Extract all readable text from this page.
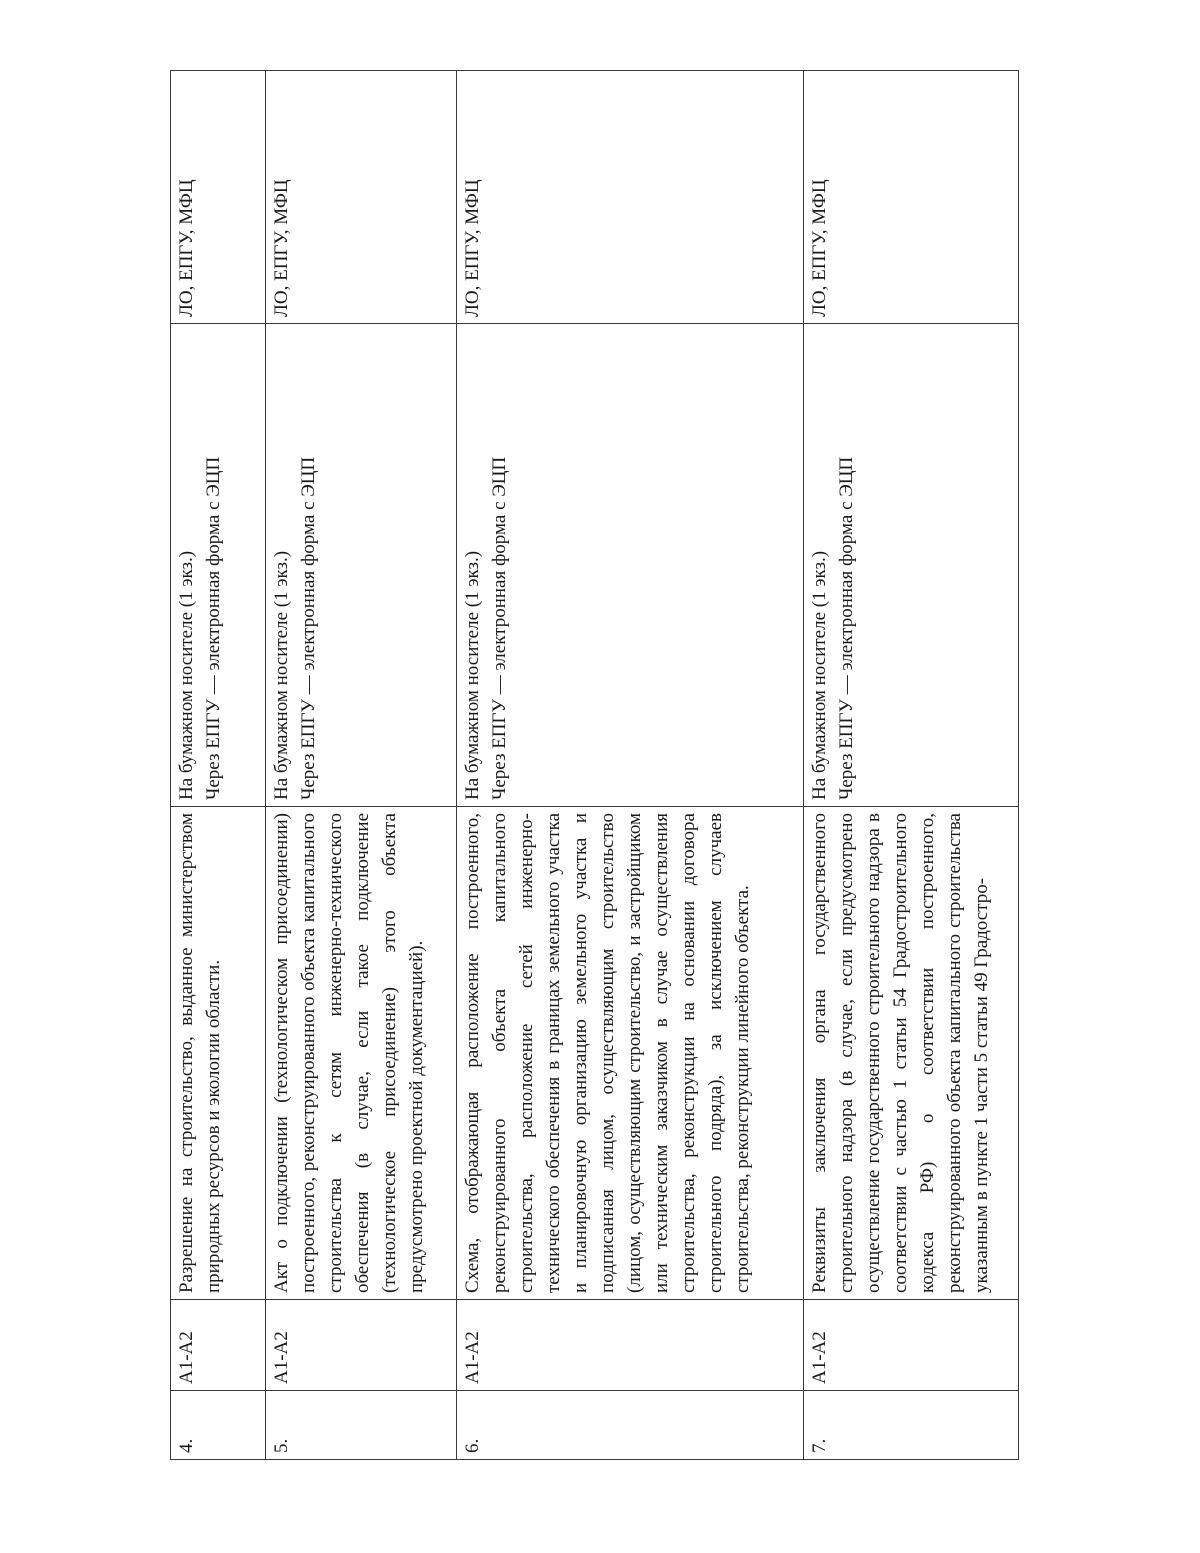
4.	А1-А2	Разрешение на строительство, выданное министерством природных ресурсов и экологии области.	На бумажном носителе (1 экз.) Через ЕПГУ — электронная форма с ЭЦП	ЛО, ЕПГУ, МФЦ
5.	А1-А2	Акт о подключении (технологическом присоединении) построенного, реконструированного объекта капитального строительства к сетям инженерно-технического обеспечения (в случае, если такое подключение (технологическое присоединение) этого объекта предусмотрено проектной документацией).	На бумажном носителе (1 экз.) Через ЕПГУ — электронная форма с ЭЦП	ЛО, ЕПГУ, МФЦ
6.	А1-А2	Схема, отображающая расположение построенного, реконструированного объекта капитального строительства, расположение сетей инженерно-технического обеспечения в границах земельного участка и планировочную организацию земельного участка и подписанная лицом, осуществляющим строительство (лицом, осуществляющим строительство, и застройщиком или техническим заказчиком в случае осуществления строительства, реконструкции на основании договора строительного подряда), за исключением случаев строительства, реконструкции линейного объекта.	На бумажном носителе (1 экз.) Через ЕПГУ — электронная форма с ЭЦП	ЛО, ЕПГУ, МФЦ
7.	А1-А2	Реквизиты заключения органа государственного строительного надзора (в случае, если предусмотрено осуществление государственного строительного надзора в соответствии с частью 1 статьи 54 Градостроительного кодекса РФ) о соответствии построенного, реконструированного объекта капитального строительства указанным в пункте 1 части 5 статьи 49 Градостро-	На бумажном носителе (1 экз.) Через ЕПГУ — электронная форма с ЭЦП	ЛО, ЕПГУ, МФЦ
